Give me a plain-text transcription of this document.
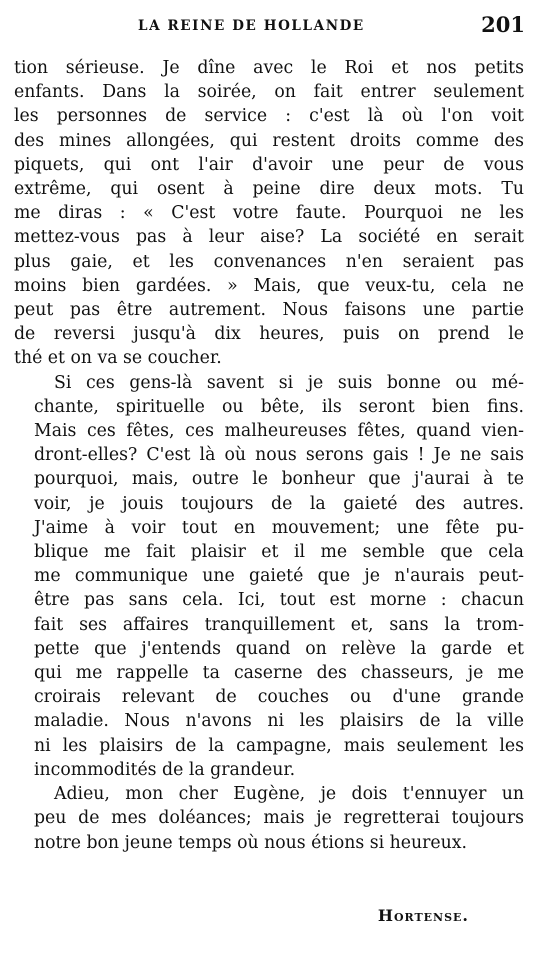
LA REINE DE HOLLANDE	201

tion sérieuse. Je dîne avec le Roi et nos petits
enfants. Dans la soirée, on fait entrer seulement
les personnes de service : c'est là où l'on voit
des mines allongées, qui restent droits comme des
piquets, qui ont l'air d'avoir une peur de vous
extrême, qui osent à peine dire deux mots. Tu
me diras : « C'est votre faute. Pourquoi ne les
mettez-vous pas à leur aise? La société en serait
plus gaie, et les convenances n'en seraient pas
moins bien gardées. » Mais, que veux-tu, cela ne
peut pas être autrement. Nous faisons une partie
de reversi jusqu'à dix heures, puis on prend le
thé et on va se coucher.

Si ces gens-là savent si je suis bonne ou mé-
chante, spirituelle ou bête, ils seront bien fins.
Mais ces fêtes, ces malheureuses fêtes, quand vien-
dront-elles? C'est là où nous serons gais ! Je ne sais
pourquoi, mais, outre le bonheur que j'aurai à te
voir, je jouis toujours de la gaieté des autres.
J'aime à voir tout en mouvement; une fête pu-
blique me fait plaisir et il me semble que cela
me communique une gaieté que je n'aurais peut-
être pas sans cela. Ici, tout est morne : chacun
fait ses affaires tranquillement et, sans la trom-
pette que j'entends quand on relève la garde et
qui me rappelle ta caserne des chasseurs, je me
croirais relevant de couches ou d'une grande
maladie. Nous n'avons ni les plaisirs de la ville
ni les plaisirs de la campagne, mais seulement les
incommodités de la grandeur.

Adieu, mon cher Eugène, je dois t'ennuyer un
peu de mes doléances; mais je regretterai toujours
notre bon jeune temps où nous étions si heureux.

Hortense.
